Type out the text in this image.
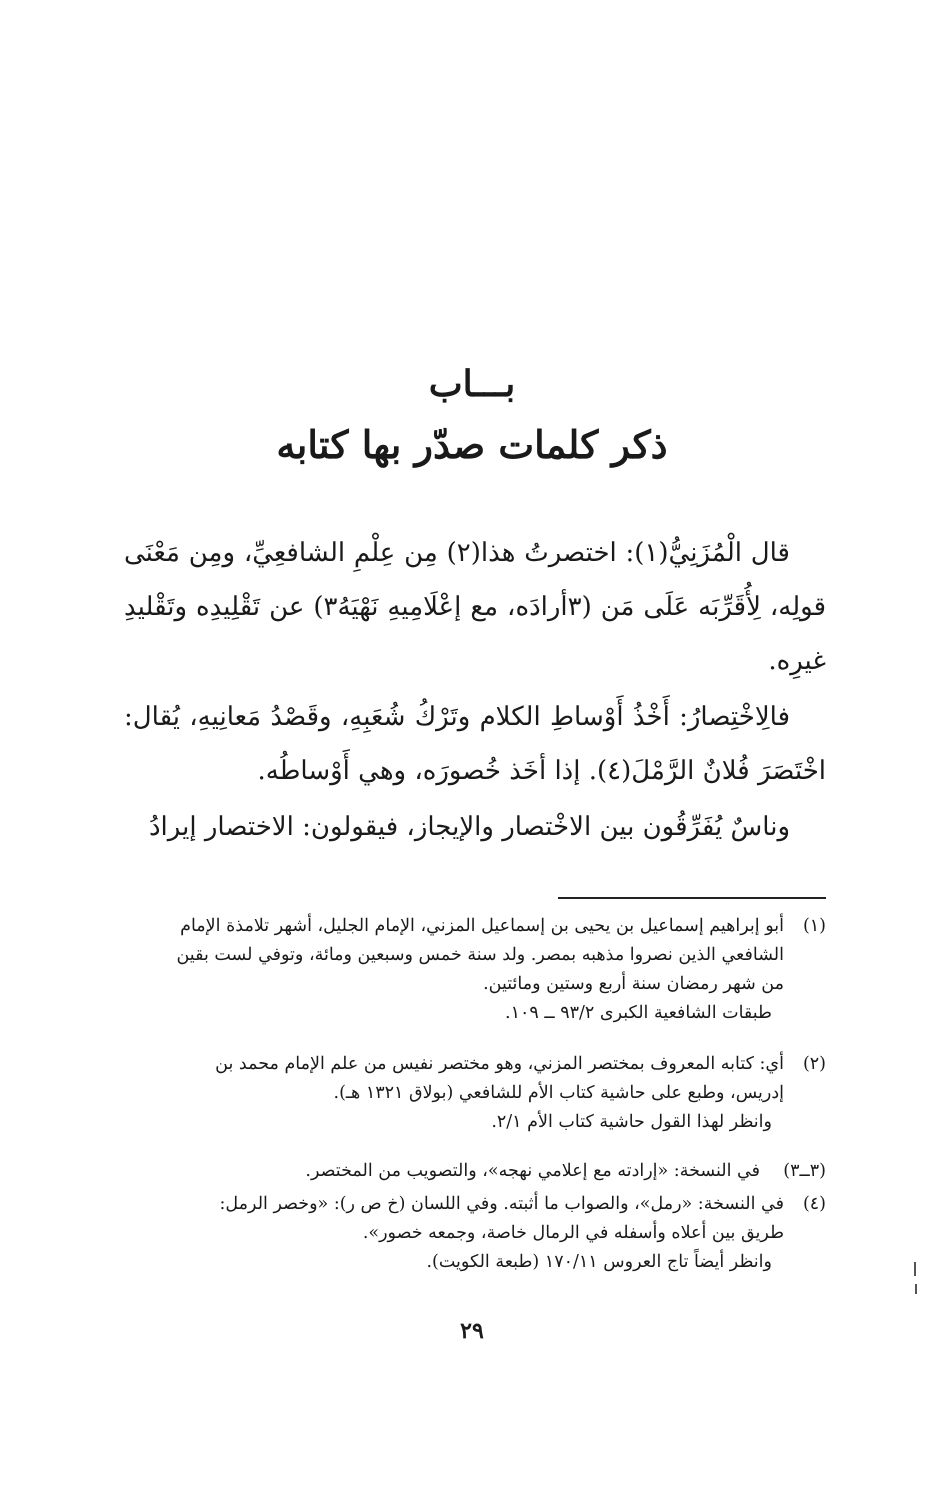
بـــاب
ذكر كلمات صدّر بها كتابه

قال الْمُزَنِيُّ(١): اختصرتُ هذا(٢) مِن عِلْمِ الشافعِيِّ، ومِن مَعْنَى قولِه، لِأُقَرِّبَه عَلَى مَن (٣أرادَه، مع إعْلَامِيهِ نَهْيَهُ٣) عن تَقْلِيدِه وتَقْليدِ غيرِه.

فالِاخْتِصارُ: أَخْذُ أَوْساطِ الكلام وتَرْكُ شُعَبِهِ، وقَصْدُ مَعانِيهِ، يُقال: اخْتَصَرَ فُلانٌ الرَّمْلَ(٤). إذا أخَذ خُصورَه، وهي أَوْساطُه.

وناسٌ يُفَرِّقُون بين الاخْتصار والإيجاز، فيقولون: الاختصار إيرادُ

(١)
أبو إبراهيم إسماعيل بن يحيى بن إسماعيل المزني، الإمام الجليل، أشهر تلامذة الإمام
الشافعي الذين نصروا مذهبه بمصر. ولد سنة خمس وسبعين ومائة، وتوفي لست بقين
من شهر رمضان سنة أربع وستين ومائتين.
طبقات الشافعية الكبرى ٩٣/٢ ــ ١٠٩.
(٢)
أي: كتابه المعروف بمختصر المزني، وهو مختصر نفيس من علم الإمام محمد بن
إدريس، وطبع على حاشية كتاب الأم للشافعي (بولاق ١٣٢١ هـ).
وانظر لهذا القول حاشية كتاب الأم ٢/١.
(٣ــ٣)
في النسخة: «إرادته مع إعلامي نهجه»، والتصويب من المختصر.
(٤)
في النسخة: «رمل»، والصواب ما أثبته. وفي اللسان (خ ص ر): «وخصر الرمل:
طريق بين أعلاه وأسفله في الرمال خاصة، وجمعه خصور».
وانظر أيضاً تاج العروس ١٧٠/١١ (طبعة الكويت).
٢٩
